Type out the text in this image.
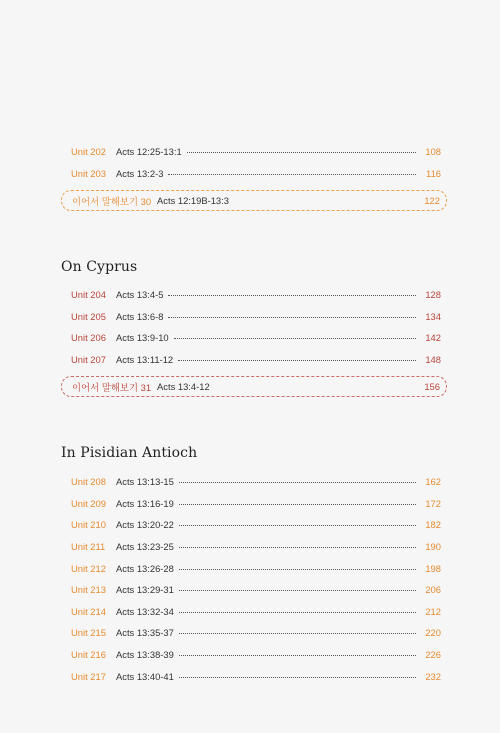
Unit 202	Acts 12:25-13:1	108
Unit 203	Acts 13:2-3	116
이어서 말해보기 30 Acts 12:19B-13:3	122
On Cyprus
Unit 204	Acts 13:4-5	128
Unit 205	Acts 13:6-8	134
Unit 206	Acts 13:9-10	142
Unit 207	Acts 13:11-12	148
이어서 말해보기 31 Acts 13:4-12	156
In Pisidian Antioch
Unit 208	Acts 13:13-15	162
Unit 209	Acts 13:16-19	172
Unit 210	Acts 13:20-22	182
Unit 211	Acts 13:23-25	190
Unit 212	Acts 13:26-28	198
Unit 213	Acts 13:29-31	206
Unit 214	Acts 13:32-34	212
Unit 215	Acts 13:35-37	220
Unit 216	Acts 13:38-39	226
Unit 217	Acts 13:40-41	232
